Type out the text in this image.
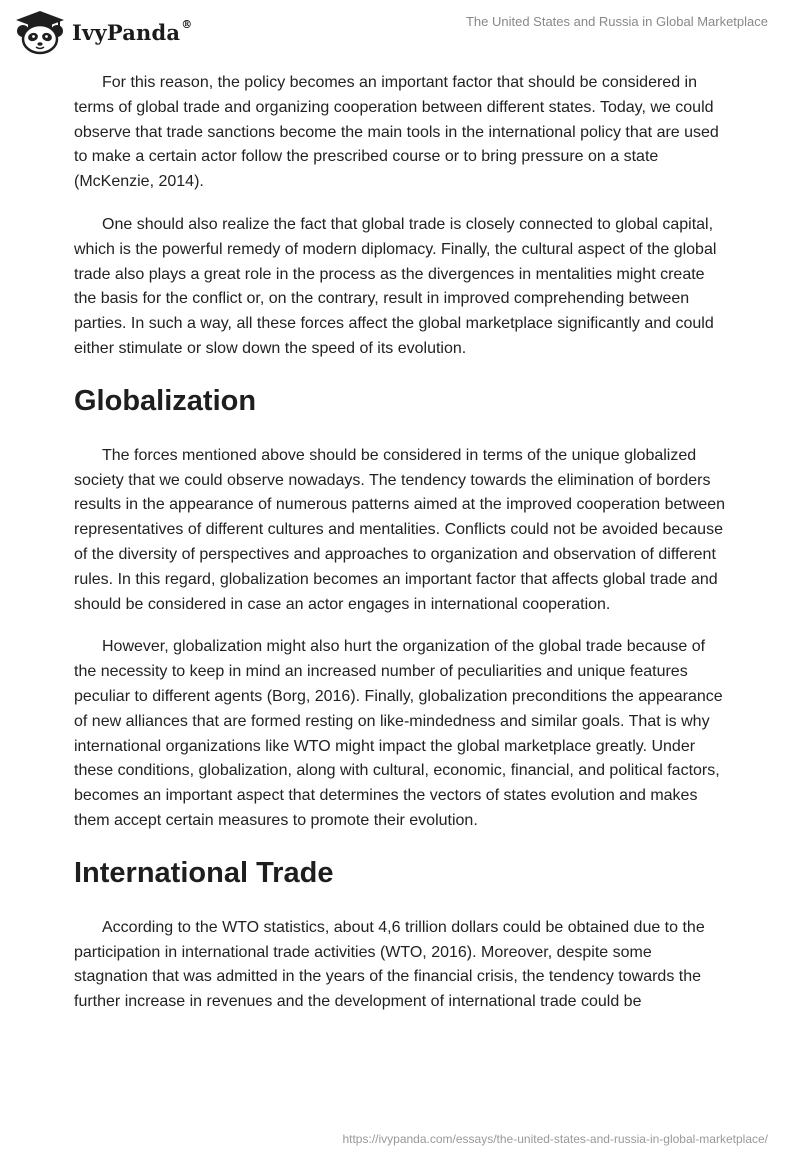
IvyPanda®	The United States and Russia in Global Marketplace

For this reason, the policy becomes an important factor that should be considered in terms of global trade and organizing cooperation between different states. Today, we could observe that trade sanctions become the main tools in the international policy that are used to make a certain actor follow the prescribed course or to bring pressure on a state (McKenzie, 2014).

One should also realize the fact that global trade is closely connected to global capital, which is the powerful remedy of modern diplomacy. Finally, the cultural aspect of the global trade also plays a great role in the process as the divergences in mentalities might create the basis for the conflict or, on the contrary, result in improved comprehending between parties. In such a way, all these forces affect the global marketplace significantly and could either stimulate or slow down the speed of its evolution.

Globalization

The forces mentioned above should be considered in terms of the unique globalized society that we could observe nowadays. The tendency towards the elimination of borders results in the appearance of numerous patterns aimed at the improved cooperation between representatives of different cultures and mentalities. Conflicts could not be avoided because of the diversity of perspectives and approaches to organization and observation of different rules. In this regard, globalization becomes an important factor that affects global trade and should be considered in case an actor engages in international cooperation.

However, globalization might also hurt the organization of the global trade because of the necessity to keep in mind an increased number of peculiarities and unique features peculiar to different agents (Borg, 2016). Finally, globalization preconditions the appearance of new alliances that are formed resting on like-mindedness and similar goals. That is why international organizations like WTO might impact the global marketplace greatly. Under these conditions, globalization, along with cultural, economic, financial, and political factors, becomes an important aspect that determines the vectors of states evolution and makes them accept certain measures to promote their evolution.

International Trade

According to the WTO statistics, about 4,6 trillion dollars could be obtained due to the participation in international trade activities (WTO, 2016). Moreover, despite some stagnation that was admitted in the years of the financial crisis, the tendency towards the further increase in revenues and the development of international trade could be

https://ivypanda.com/essays/the-united-states-and-russia-in-global-marketplace/
